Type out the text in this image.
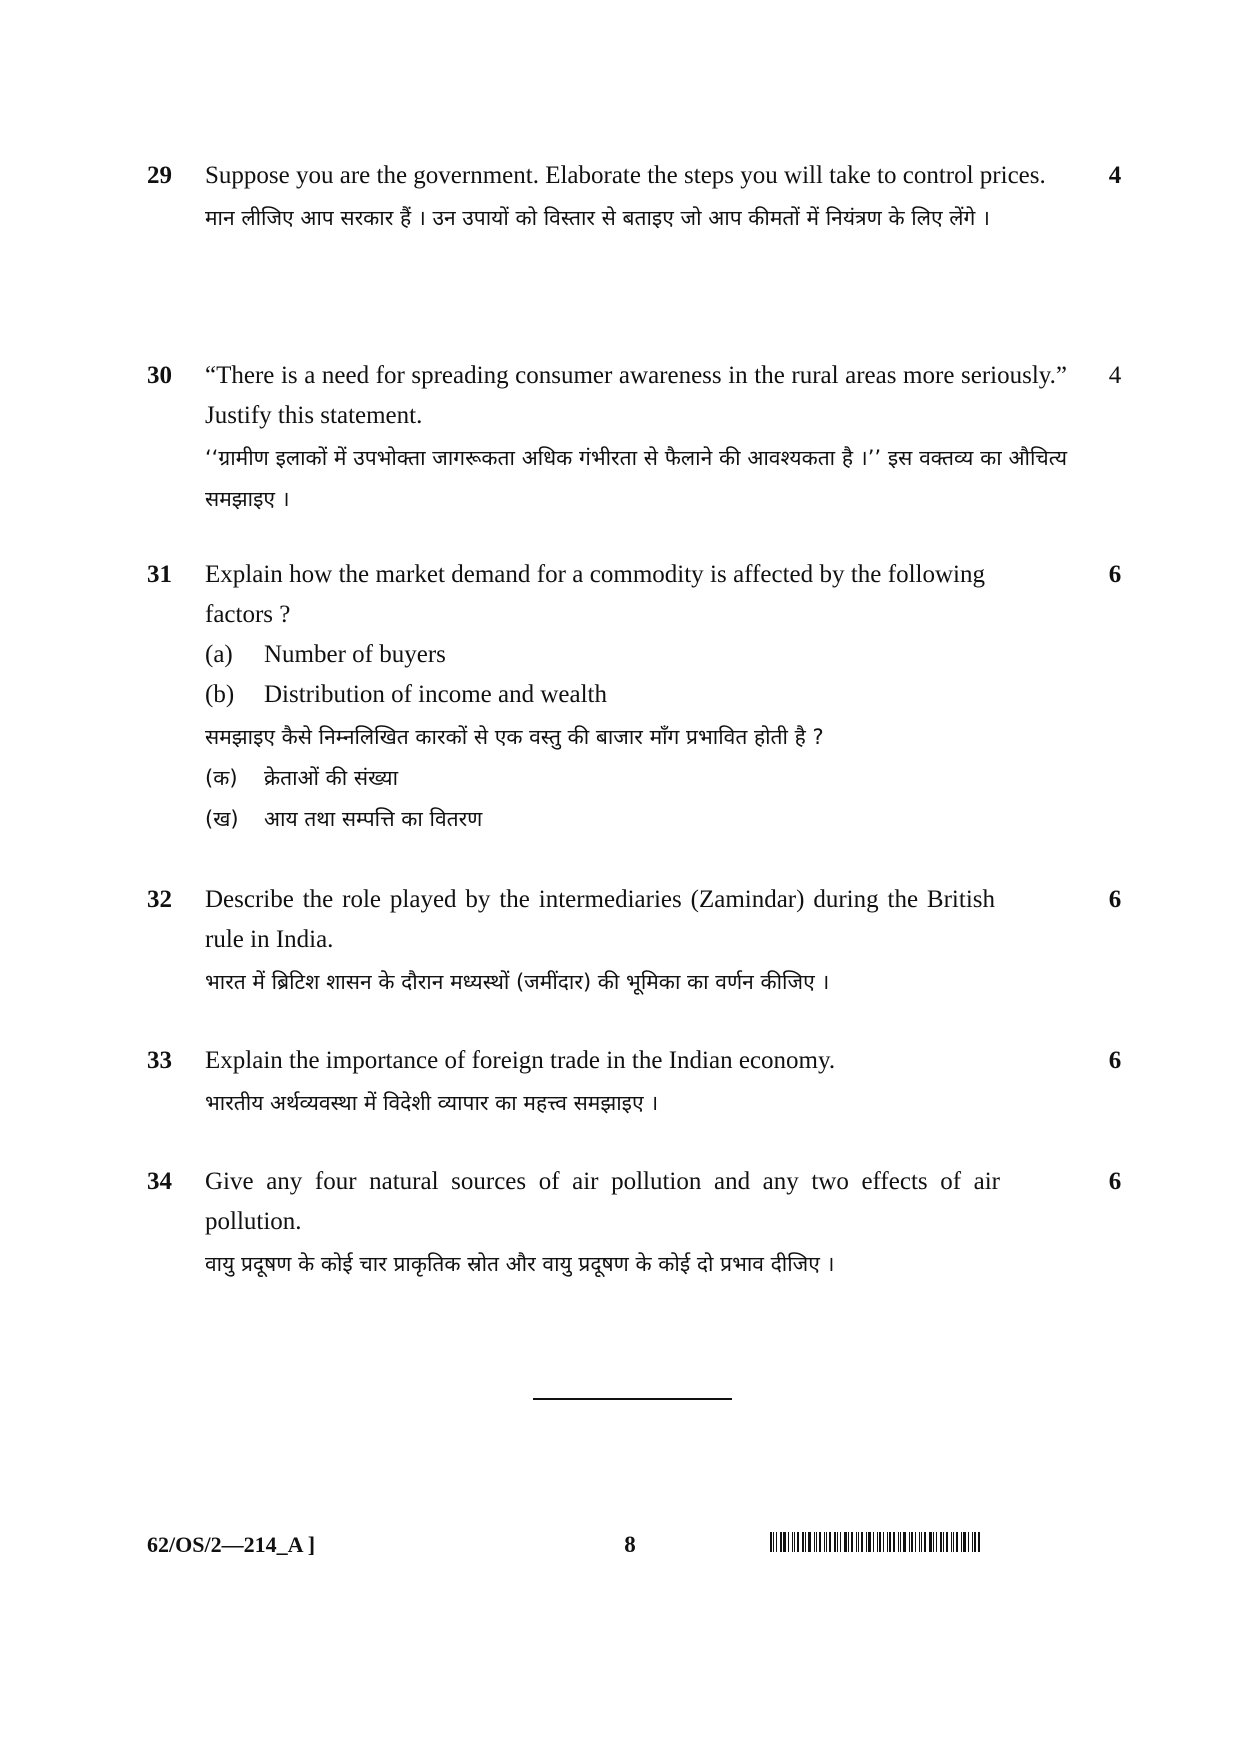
29 Suppose you are the government. Elaborate the steps you will take to control prices.

मान लीजिए आप सरकार हैं । उन उपायों को विस्तार से बताइए जो आप कीमतों में नियंत्रण के लिए लेंगे ।

4
30 “There is a need for spreading consumer awareness in the rural areas more seriously.” Justify this statement.

‘‘ग्रामीण इलाकों में उपभोक्ता जागरूकता अधिक गंभीरता से फैलाने की आवश्यकता है ।’’ इस वक्तव्य का औचित्य समझाइए ।

4
31 Explain how the market demand for a commodity is affected by the following factors ?

(a)	Number of buyers
(b)	Distribution of income and wealth

समझाइए कैसे निम्नलिखित कारकों से एक वस्तु की बाजार माँग प्रभावित होती है ?

(क)	क्रेताओं की संख्या
(ख)	आय तथा सम्पत्ति का वितरण
6
32 Describe the role played by the intermediaries (Zamindar) during the British rule in India.

भारत में ब्रिटिश शासन के दौरान मध्यस्थों (जमींदार) की भूमिका का वर्णन कीजिए ।

6
33 Explain the importance of foreign trade in the Indian economy.

भारतीय अर्थव्यवस्था में विदेशी व्यापार का महत्त्व समझाइए ।

6
34 Give any four natural sources of air pollution and any two effects of air pollution.

वायु प्रदूषण के कोई चार प्राकृतिक स्रोत और वायु प्रदूषण के कोई दो प्रभाव दीजिए ।

6
62/OS/2—214_A ]	8
